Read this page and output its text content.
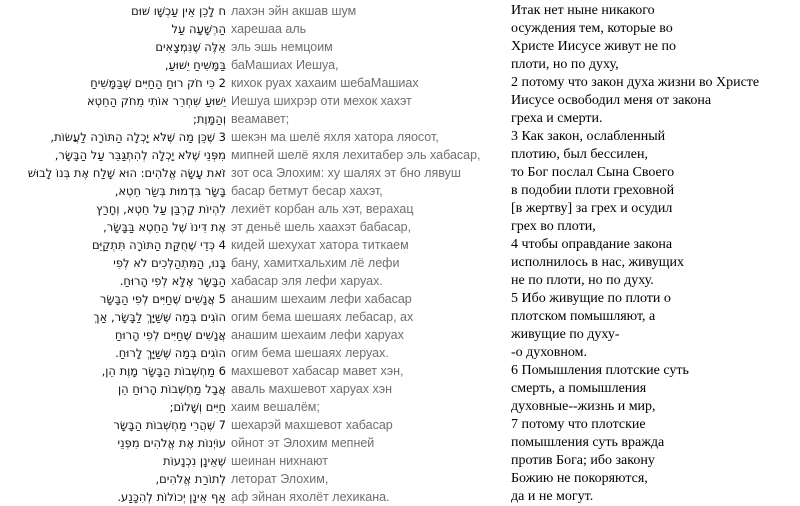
ח לָכֵן אֵין עַכְשָׁו שׁוּם
הַרְשָׁעָה עַל
אֵלֶּה שֶׁנִּמְצָאִים
בַּמָּשִׁיחַ יֵשׁוּעַ,
2 כִּי חֹק רוּחַ הַחַיִּים שֶׁבַּמָּשִׁיחַ
יֵשׁוּעַ שִׁחְרֵר אוֹתִי מֵחֹק הַחֵטְא
וְהַמָּוֶת;
3 שֶׁכֵּן מַה שֶּׁלֹּא יָכְלָה הַתּוֹרָה לַעֲשׂוֹת,
מִפְּנֵי שֶׁלֹּא יָכְלָה לְהִתְגַּבֵּר עַל הַבָּשָׂר,
זֹאת עָשָׂה אֱלֹהִים: הוּא שָׁלַח אֶת בְּנוֹ לָבוּשׁ
בָּשָׂר בִּדְמוּת בְּשַׂר חֵטְא,
לִהְיוֹת קָרְבַּן עַל חֵטְא, וְחָרַץ
אֶת דִּינוֹ שֶׁל הַחֵטְא בַּבָּשָׂר,
4 כְּדֵי שֶׁחֻקַּת הַתּוֹרָה תִּתְקַיֵּם
בָּנוּ, הַמִּתְהַלְּכִים לֹא לְפִי
הַבָּשָׂר אֶלָּא לְפִי הָרוּחַ.
5 אֲנָשִׁים שֶׁחַיִּים לְפִי הַבָּשָׂר
הוֹגִים בְּמַה שֶּׁשַּׁיָּךְ לַבָּשָׂר, אַךְ
אֲנָשִׁים שֶׁחַיִּים לְפִי הָרוּחַ
הוֹגִים בְּמַה שֶּׁשַּׁיָּךְ לָרוּחַ.
6 מַחְשְׁבוֹת הַבָּשָׂר מָוֶת הֵן,
אֲבָל מַחְשְׁבוֹת הָרוּחַ הֵן
חַיִּים וְשָׁלוֹם;
7 שֶׁהֲרֵי מַחְשְׁבוֹת הַבָּשָׂר
עוֹיְנוֹת אֶת אֱלֹהִים מִפְּנֵי
שֶׁאֵינָן נִכְנָעוֹת
לְתוֹרַת אֱלֹהִים,
אַף אֵינָן יְכוֹלוֹת לְהִכָּנַע.
лахэн эйн акшав шум
харешаа аль
эль эшь немцоим
баМашиах Иешуа,
кихок руах хахаим шебаМашиах
Иешуа шихрэр оти мехок хахэт
веамавет;
шекэн ма шелё яхля хатора ляосот,
мипней шелё яхля лехитабер эль хабасар,
зот оса Элохим: ху шалях эт бно лявуш
басар бетмут бесар хахэт,
лехиёт корбан аль хэт, верахац
эт деньё шель хаахэт бабасар,
кидей шехухат хатора титкаем
бану, хамитхальхим лё лефи
хабасар эля лефи харуах.
анашим шехаим лефи хабасар
огим бема шешаях лебасар, ах
анашим шехаим лефи харуах
огим бема шешаях леруах.
махшевот хабасар мавет хэн,
аваль махшевот харуах хэн
хаим вешалём;
шехарэй махшевот хабасар
ойнот эт Элохим мепней
шеинан нихнают
леторат Элохим,
аф эйнан яхолёт лехикана.
Итак нет ныне никакого
осуждения тем, которые во
Христе Иисусе живут не по
плоти, но по духу,
2 потому что закон духа жизни во Христе
Иисусе освободил меня от закона
греха и смерти.
3 Как закон, ослабленный
плотию, был бессилен,
то Бог послал Сына Своего
в подобии плоти греховной
[в жертву] за грех и осудил
грех во плоти,
4 чтобы оправдание закона
исполнилось в нас, живущих
не по плоти, но по духу.
5 Ибо живущие по плоти о
плотском помышляют, а
живущие по духу-
-о духовном.
6 Помышления плотские суть
смерть, а помышления
духовные--жизнь и мир,
7 потому что плотские
помышления суть вражда
против Бога; ибо закону
Божию не покоряются,
да и не могут.
